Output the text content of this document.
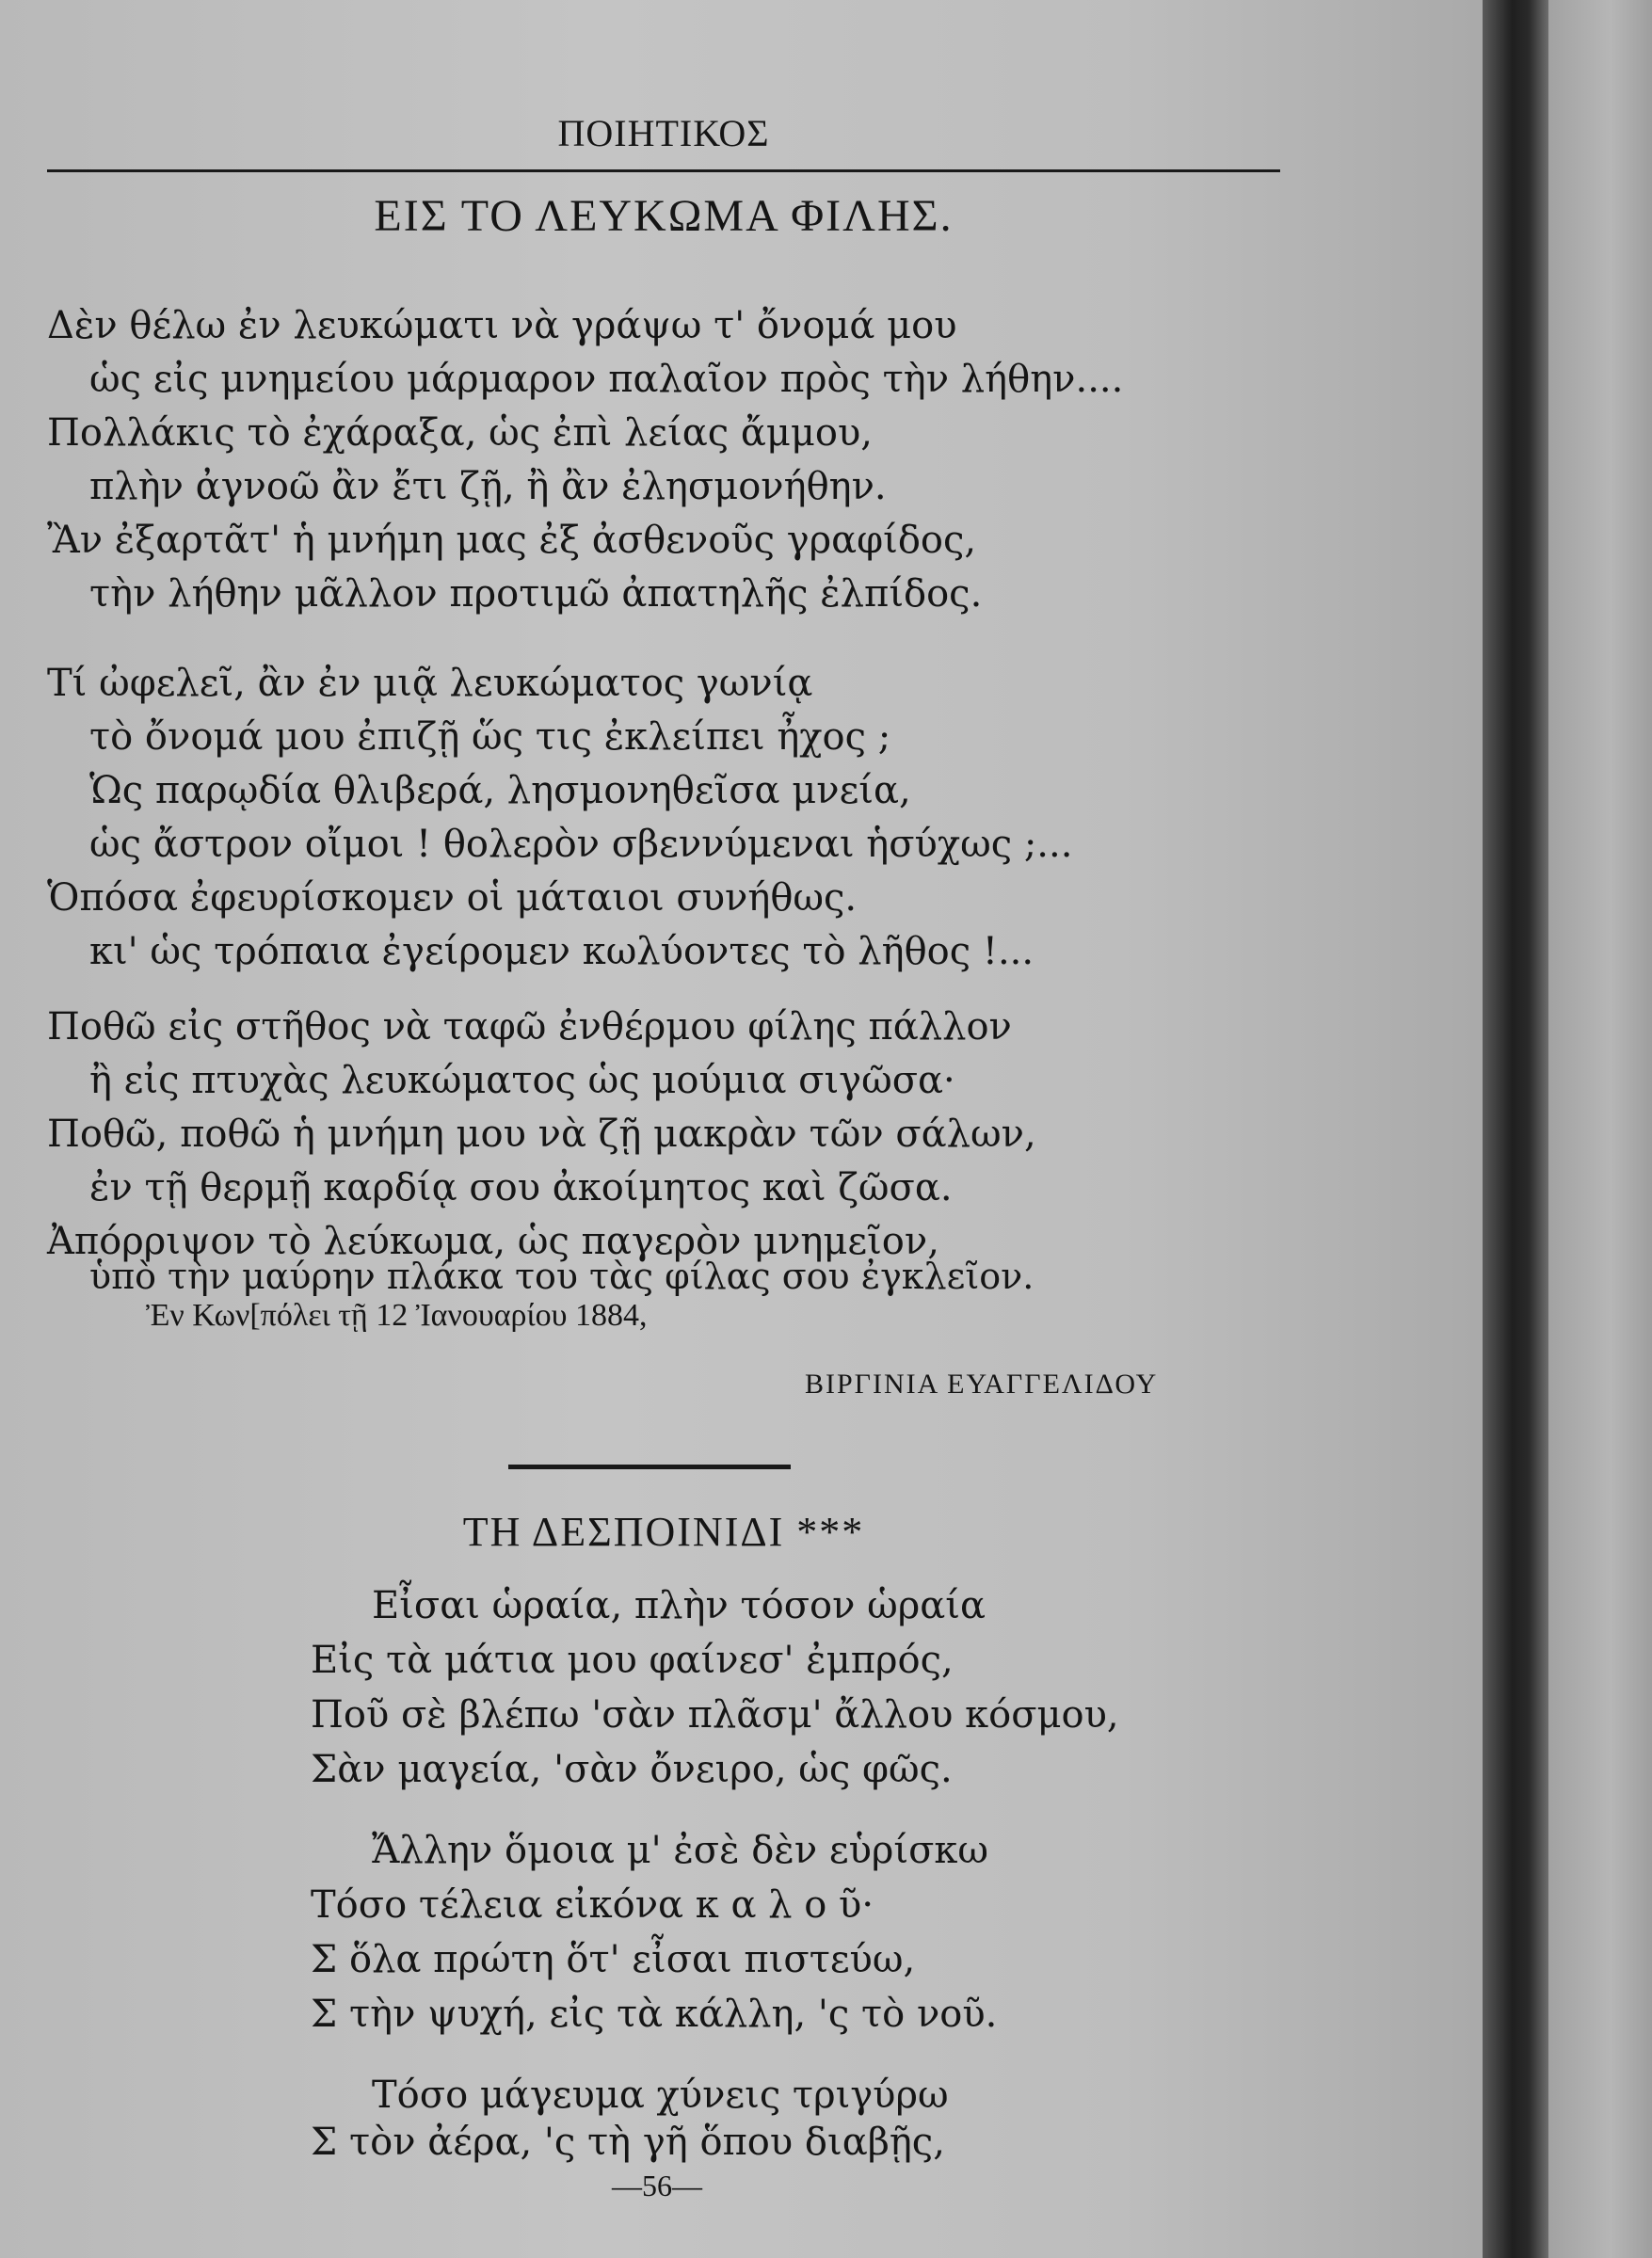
ΠΟΙΗΤΙΚΟΣ
ΕΙΣ ΤΟ ΛΕΥΚΩΜΑ ΦΙΛΗΣ.
Δὲν θέλω ἐν λευκώματι νὰ γράψω τ' ὄνομά μου
ὡς εἰς μνημείου μάρμαρον παλαῖον πρὸς τὴν λήθην....
Πολλάκις τὸ ἐχάραξα, ὡς ἐπὶ λείας ἄμμου,
πλὴν ἀγνοῶ ἂν ἔτι ζῇ, ἢ ἂν ἐλησμονήθην.
Ἂν ἐξαρτᾶτ' ἡ μνήμη μας ἐξ ἀσθενοῦς γραφίδος,
τὴν λήθην μᾶλλον προτιμῶ ἀπατηλῆς ἐλπίδος.
Τί ὠφελεῖ, ἂν ἐν μιᾷ λευκώματος γωνίᾳ
τὸ ὄνομά μου ἐπιζῇ ὥς τις ἐκλείπει ἦχος ;
Ὡς παρῳδία θλιβερά, λησμονηθεῖσα μνεία,
ὡς ἄστρον οἴμοι ! θολερὸν σβεννύμεναι ἡσύχως ;...
Ὁπόσα ἐφευρίσκομεν οἱ μάταιοι συνήθως.
κι' ὡς τρόπαια ἐγείρομεν κωλύοντες τὸ λῆθος !...
Ποθῶ εἰς στῆθος νὰ ταφῶ ἐνθέρμου φίλης πάλλον
ἢ εἰς πτυχὰς λευκώματος ὡς μούμια σιγῶσα·
Ποθῶ, ποθῶ ἡ μνήμη μου νὰ ζῇ μακρὰν τῶν σάλων,
ἐν τῇ θερμῇ καρδίᾳ σου ἀκοίμητος καὶ ζῶσα.
Ἀπόρριψον τὸ λεύκωμα, ὡς παγερὸν μνημεῖον,
ὑπὸ τὴν μαύρην πλάκα του τὰς φίλας σου ἐγκλεῖον.
Ἐν Κων[πόλει τῇ 12 Ἰανουαρίου 1884,
ΒΙΡΓΙΝΙΑ ΕΥΑΓΓΕΛΙΔΟΥ
ΤΗ ΔΕΣΠΟΙΝΙΔΙ ***
Εἶσαι ὡραία, πλὴν τόσον ὡραία
Εἰς τὰ μάτια μου φαίνεσ' ἐμπρός,
Ποῦ σὲ βλέπω 'σὰν πλᾶσμ' ἄλλου κόσμου,
Σὰν μαγεία, 'σὰν ὄνειρο, ὡς φῶς.
Ἄλλην ὅμοια μ' ἐσὲ δὲν εὑρίσκω
Τόσο τέλεια εἰκόνα κ α λ ο ῦ·
Σ ὅλα πρώτη ὅτ' εἶσαι πιστεύω,
Σ τὴν ψυχή, εἰς τὰ κάλλη, 'ς τὸ νοῦ.
Τόσο μάγευμα χύνεις τριγύρω
Σ τὸν ἀέρα, 'ς τὴ γῆ ὅπου διαβῇς,
—56—
